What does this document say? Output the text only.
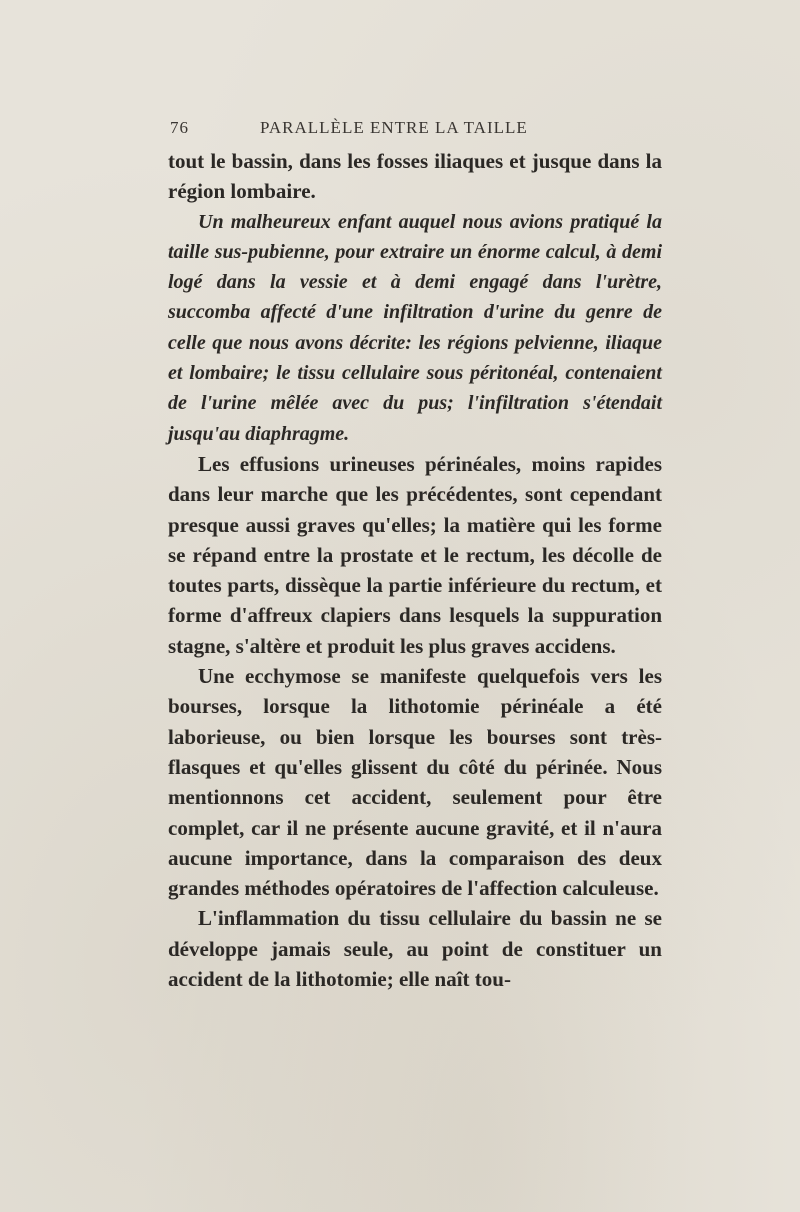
76	PARALLÈLE ENTRE LA TAILLE

tout le bassin, dans les fosses iliaques et jusque dans la région lombaire.

Un malheureux enfant auquel nous avions pratiqué la taille sus-pubienne, pour extraire un énorme calcul, à demi logé dans la vessie et à demi engagé dans l'urètre, succomba affecté d'une infiltration d'urine du genre de celle que nous avons décrite: les régions pelvienne, iliaque et lombaire; le tissu cellulaire sous péritonéal, contenaient de l'urine mêlée avec du pus; l'infiltration s'étendait jusqu'au diaphragme.

Les effusions urineuses périnéales, moins rapides dans leur marche que les précédentes, sont cependant presque aussi graves qu'elles; la matière qui les forme se répand entre la prostate et le rectum, les décolle de toutes parts, dissèque la partie inférieure du rectum, et forme d'affreux clapiers dans lesquels la suppuration stagne, s'altère et produit les plus graves accidens.

Une ecchymose se manifeste quelquefois vers les bourses, lorsque la lithotomie périnéale a été laborieuse, ou bien lorsque les bourses sont très-flasques et qu'elles glissent du côté du périnée. Nous mentionnons cet accident, seulement pour être complet, car il ne présente aucune gravité, et il n'aura aucune importance, dans la comparaison des deux grandes méthodes opératoires de l'affection calculeuse.

L'inflammation du tissu cellulaire du bassin ne se développe jamais seule, au point de constituer un accident de la lithotomie; elle naît tou-
